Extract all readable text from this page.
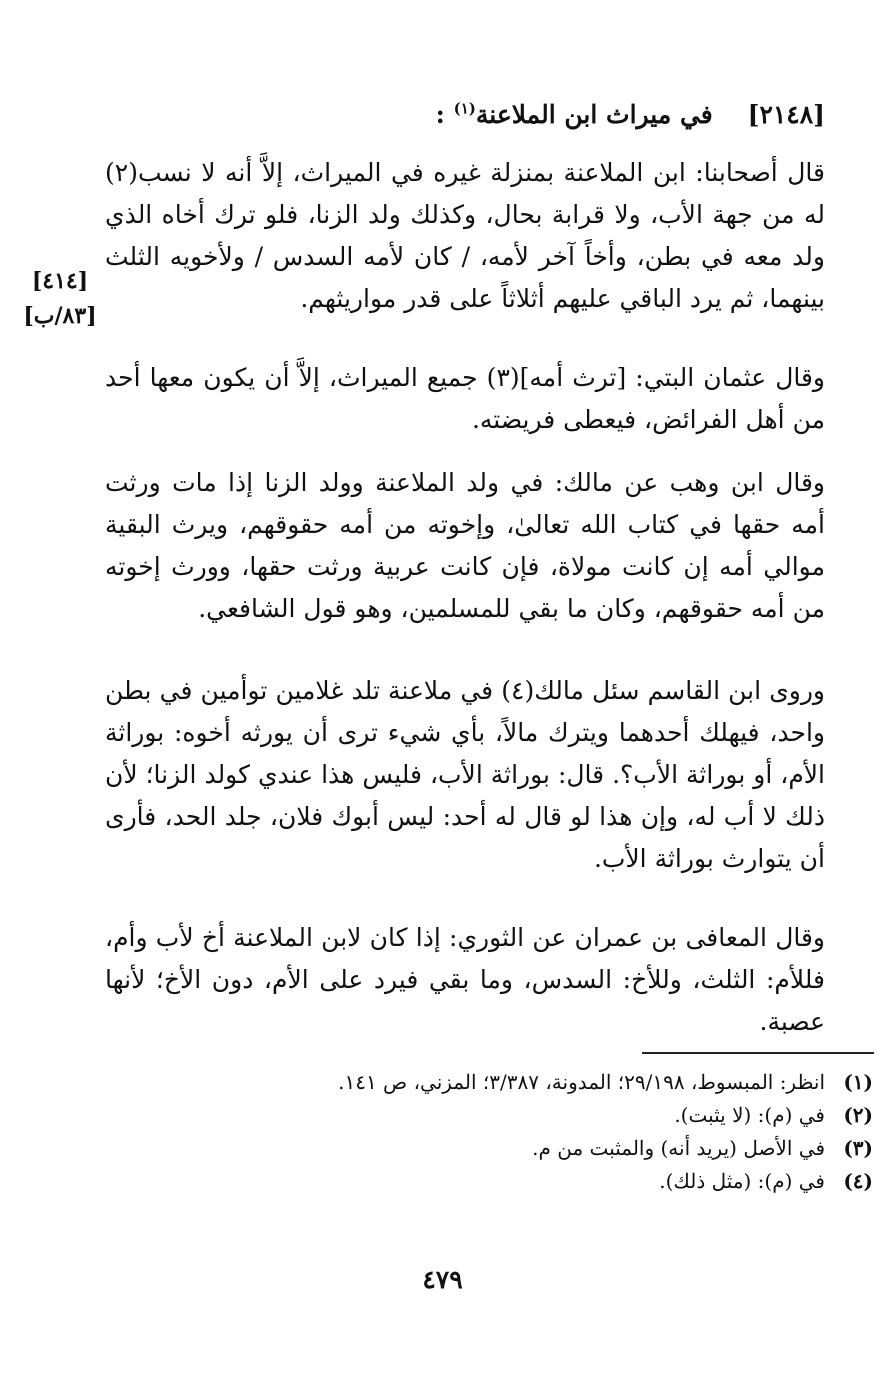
[٢١٤٨]    في ميراث ابن الملاعنة$^{(١)}$ :

قال أصحابنا: ابن الملاعنة بمنزلة غيره في الميراث، إلاَّ أنه لا نسب(٢) له من جهة الأب، ولا قرابة بحال، وكذلك ولد الزنا، فلو ترك أخاه الذي ولد معه في بطن، وأخاً آخر لأمه، / كان لأمه السدس / ولأخويه الثلث بينهما، ثم يرد الباقي عليهم أثلاثاً على قدر مواريثهم.

[٤١٤]
[٨٣/ب]

وقال عثمان البتي: [ترث أمه](٣) جميع الميراث، إلاَّ أن يكون معها أحد من أهل الفرائض، فيعطى فريضته.

وقال ابن وهب عن مالك: في ولد الملاعنة وولد الزنا إذا مات ورثت أمه حقها في كتاب الله تعالىٰ، وإخوته من أمه حقوقهم، ويرث البقية موالي أمه إن كانت مولاة، فإن كانت عربية ورثت حقها، وورث إخوته من أمه حقوقهم، وكان ما بقي للمسلمين، وهو قول الشافعي.

وروى ابن القاسم سئل مالك(٤) في ملاعنة تلد غلامين توأمين في بطن واحد، فيهلك أحدهما ويترك مالاً، بأي شيء ترى أن يورثه أخوه: بوراثة الأم، أو بوراثة الأب؟. قال: بوراثة الأب، فليس هذا عندي كولد الزنا؛ لأن ذلك لا أب له، وإن هذا لو قال له أحد: ليس أبوك فلان، جلد الحد، فأرى أن يتوارث بوراثة الأب.

وقال المعافى بن عمران عن الثوري: إذا كان لابن الملاعنة أخ لأب وأم، فللأم: الثلث، وللأخ: السدس، وما بقي فيرد على الأم، دون الأخ؛ لأنها عصبة.

(١)
انظر: المبسوط، ٢٩/١٩٨؛ المدونة، ٣/٣٨٧؛ المزني، ص ١٤١.
(٢)
في (م): (لا يثبت).
(٣)
في الأصل (يريد أنه) والمثبت من م.
(٤)
في (م): (مثل ذلك).
٤٧٩
